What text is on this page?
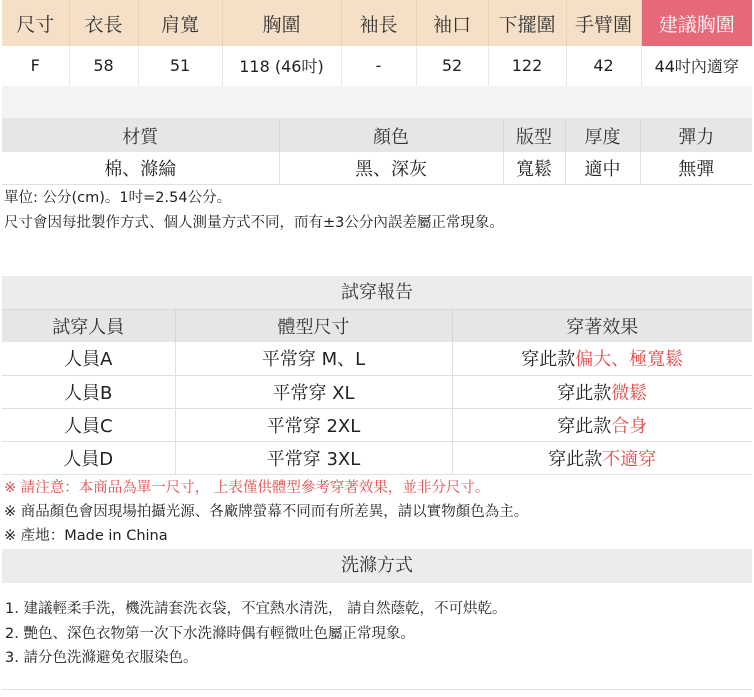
尺寸	衣長	肩寬	胸圍	袖長	袖口	下擺圍	手臂圍	建議胸圍
F	58	51	118 (46吋)	-	52	122	42	44吋內適穿
材質	顏色	版型	厚度	彈力
棉、滌綸	黑、深灰	寬鬆	適中	無彈
單位: 公分(cm)。1吋=2.54公分。
尺寸會因每批製作方式、個人測量方式不同，而有±3公分內誤差屬正常現象。
試穿報告
試穿人員	體型尺寸	穿著效果
人員A	平常穿 M、L	穿此款偏大、極寬鬆
人員B	平常穿 XL	穿此款微鬆
人員C	平常穿 2XL	穿此款合身
人員D	平常穿 3XL	穿此款不適穿
※ 請注意：本商品為單一尺寸， 上表僅供體型參考穿著效果，並非分尺寸。
※ 商品顏色會因現場拍攝光源、各廠牌螢幕不同而有所差異，請以實物顏色為主。
※ 產地：Made in China
洗滌方式
1. 建議輕柔手洗，機洗請套洗衣袋，不宜熱水清洗， 請自然蔭乾，不可烘乾。
2. 艷色、深色衣物第一次下水洗滌時偶有輕微吐色屬正常現象。
3. 請分色洗滌避免衣服染色。
